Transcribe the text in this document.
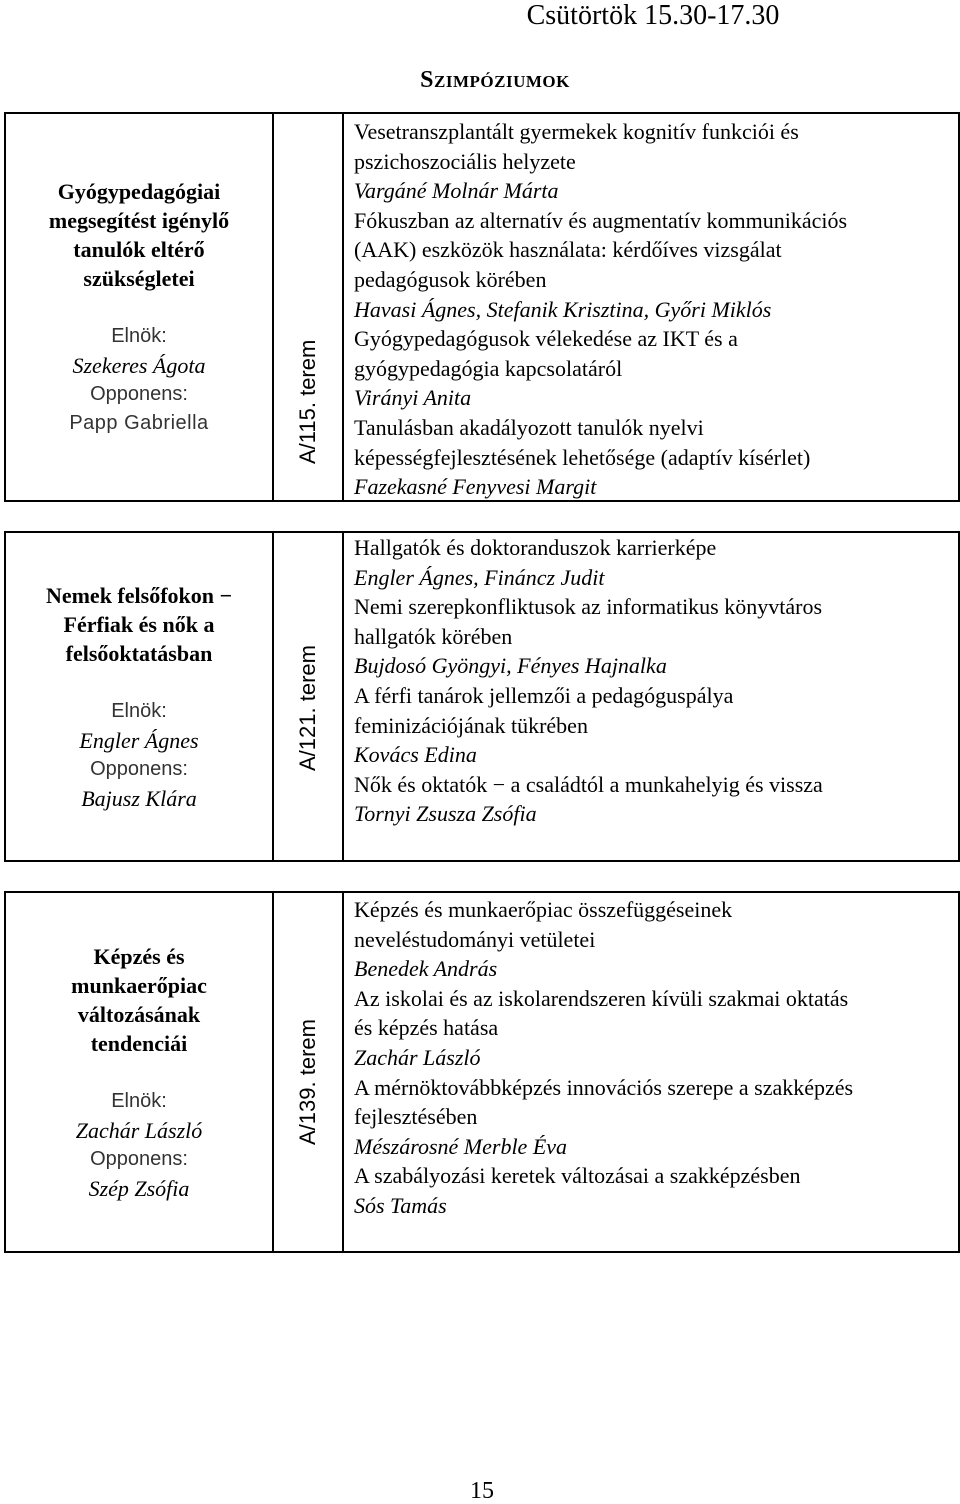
Csütörtök 15.30-17.30
Szimpóziumok
Gyógypedagógiai
megsegítést igénylő
tanulók eltérő
szükségletei
Elnök:
Szekeres Ágota
Opponens:
Papp Gabriella	A/115. terem
Vesetranszplantált gyermekek kognitív funkciói és
pszichoszociális helyzete
Vargáné Molnár Márta
Fókuszban az alternatív és augmentatív kommunikációs
(AAK) eszközök használata: kérdőíves vizsgálat
pedagógusok körében
Havasi Ágnes, Stefanik Krisztina, Győri Miklós
Gyógypedagógusok vélekedése az IKT és a
gyógypedagógia kapcsolatáról
Virányi Anita
Tanulásban akadályozott tanulók nyelvi
képességfejlesztésének lehetősége (adaptív kísérlet)
Fazekasné Fenyvesi Margit
Nemek felsőfokon −
Férfiak és nők a
felsőoktatásban
Elnök:
Engler Ágnes
Opponens:
Bajusz Klára
A/121. terem
Hallgatók és doktoranduszok karrierképe
Engler Ágnes, Fináncz Judit
Nemi szerepkonfliktusok az informatikus könyvtáros
hallgatók körében
Bujdosó Gyöngyi, Fényes Hajnalka
A férfi tanárok jellemzői a pedagóguspálya
feminizációjának tükrében
Kovács Edina
Nők és oktatók − a családtól a munkahelyig és vissza
Tornyi Zsusza Zsófia
Képzés és
munkaerőpiac
változásának
tendenciái
Elnök:
Zachár László
Opponens:
Szép Zsófia
A/139. terem
Képzés és munkaerőpiac összefüggéseinek
neveléstudományi vetületei
Benedek András
Az iskolai és az iskolarendszeren kívüli szakmai oktatás
és képzés hatása
Zachár László
A mérnöktovábbképzés innovációs szerepe a szakképzés
fejlesztésében
Mészárosné Merble Éva
A szabályozási keretek változásai a szakképzésben
Sós Tamás
15
